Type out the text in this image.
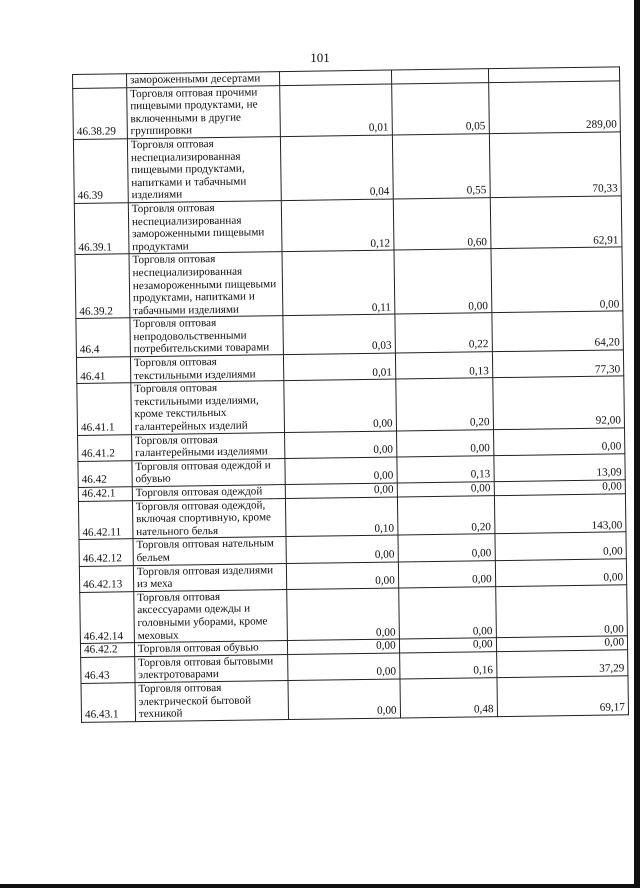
101
	замороженными десертами			
46.38.29	Торговля оптовая прочими пищевыми продуктами, не включенными в другие группировки	0,01	0,05	289,00
46.39	Торговля оптовая неспециализированная пищевыми продуктами, напитками и табачными изделиями	0,04	0,55	70,33
46.39.1	Торговля оптовая неспециализированная замороженными пищевыми продуктами	0,12	0,60	62,91
46.39.2	Торговля оптовая неспециализированная незамороженными пищевыми продуктами, напитками и табачными изделиями	0,11	0,00	0,00
46.4	Торговля оптовая непродовольственными потребительскими товарами	0,03	0,22	64,20
46.41	Торговля оптовая текстильными изделиями	0,01	0,13	77,30
46.41.1	Торговля оптовая текстильными изделиями, кроме текстильных галантерейных изделий	0,00	0,20	92,00
46.41.2	Торговля оптовая галантерейными изделиями	0,00	0,00	0,00
46.42	Торговля оптовая одеждой и обувью	0,00	0,13	13,09
46.42.1	Торговля оптовая одеждой	0,00	0,00	0,00
46.42.11	Торговля оптовая одеждой, включая спортивную, кроме нательного белья	0,10	0,20	143,00
46.42.12	Торговля оптовая нательным бельем	0,00	0,00	0,00
46.42.13	Торговля оптовая изделиями из меха	0,00	0,00	0,00
46.42.14	Торговля оптовая аксессуарами одежды и головными уборами, кроме меховых	0,00	0,00	0,00
46.42.2	Торговля оптовая обувью	0,00	0,00	0,00
46.43	Торговля оптовая бытовыми электротоварами	0,00	0,16	37,29
46.43.1	Торговля оптовая электрической бытовой техникой	0,00	0,48	69,17
